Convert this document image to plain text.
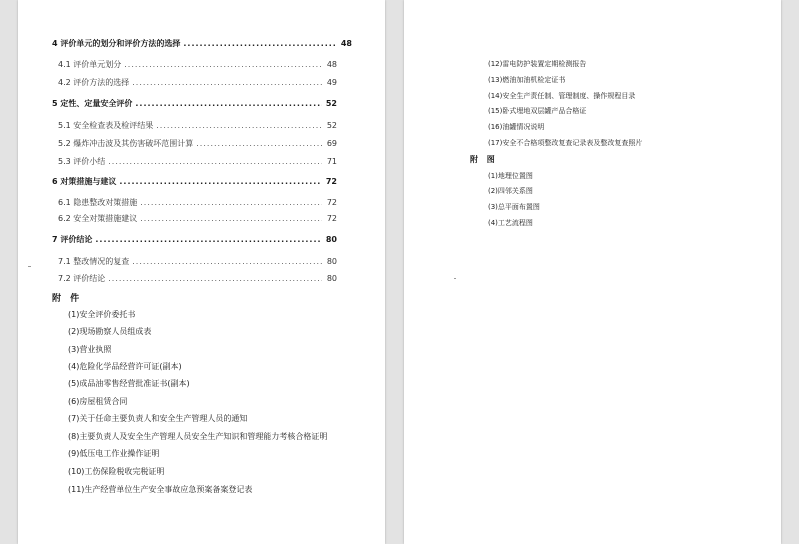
4 评价单元的划分和评价方法的选择 .....	48
4.1 评价单元划分 .....	48
4.2 评价方法的选择 .....	49
5 定性、定量安全评价 .....	52
5.1 安全检查表及检评结果 .....	52
5.2 爆炸冲击波及其伤害破坏范围计算 .....	69
5.3 评价小结 .....	71
6 对策措施与建议 .....	72
6.1 隐患整改对策措施 .....	72
6.2 安全对策措施建议 .....	72
7 评价结论 .....	80
7.1 整改情况的复查 .....	80
7.2 评价结论 .....	80
附 件
(1)安全评价委托书
(2)现场勘察人员组成表
(3)营业执照
(4)危险化学品经营许可证(副本)
(5)成品油零售经营批准证书(副本)
(6)房屋租赁合同
(7)关于任命主要负责人和安全生产管理人员的通知
(8)主要负责人及安全生产管理人员安全生产知识和管理能力考核合格证明
(9)低压电工作业操作证明
(10)工伤保险税收完税证明
(11)生产经营单位生产安全事故应急预案备案登记表
(12)雷电防护装置定期检测报告
(13)燃油加油机检定证书
(14)安全生产责任制、管理制度、操作规程目录
(15)卧式埋地双层罐产品合格证
(16)油罐情况说明
(17)安全不合格项整改复查记录表及整改复查照片
附 图
(1)地理位置图
(2)四邻关系图
(3)总平面布置图
(4)工艺流程图
